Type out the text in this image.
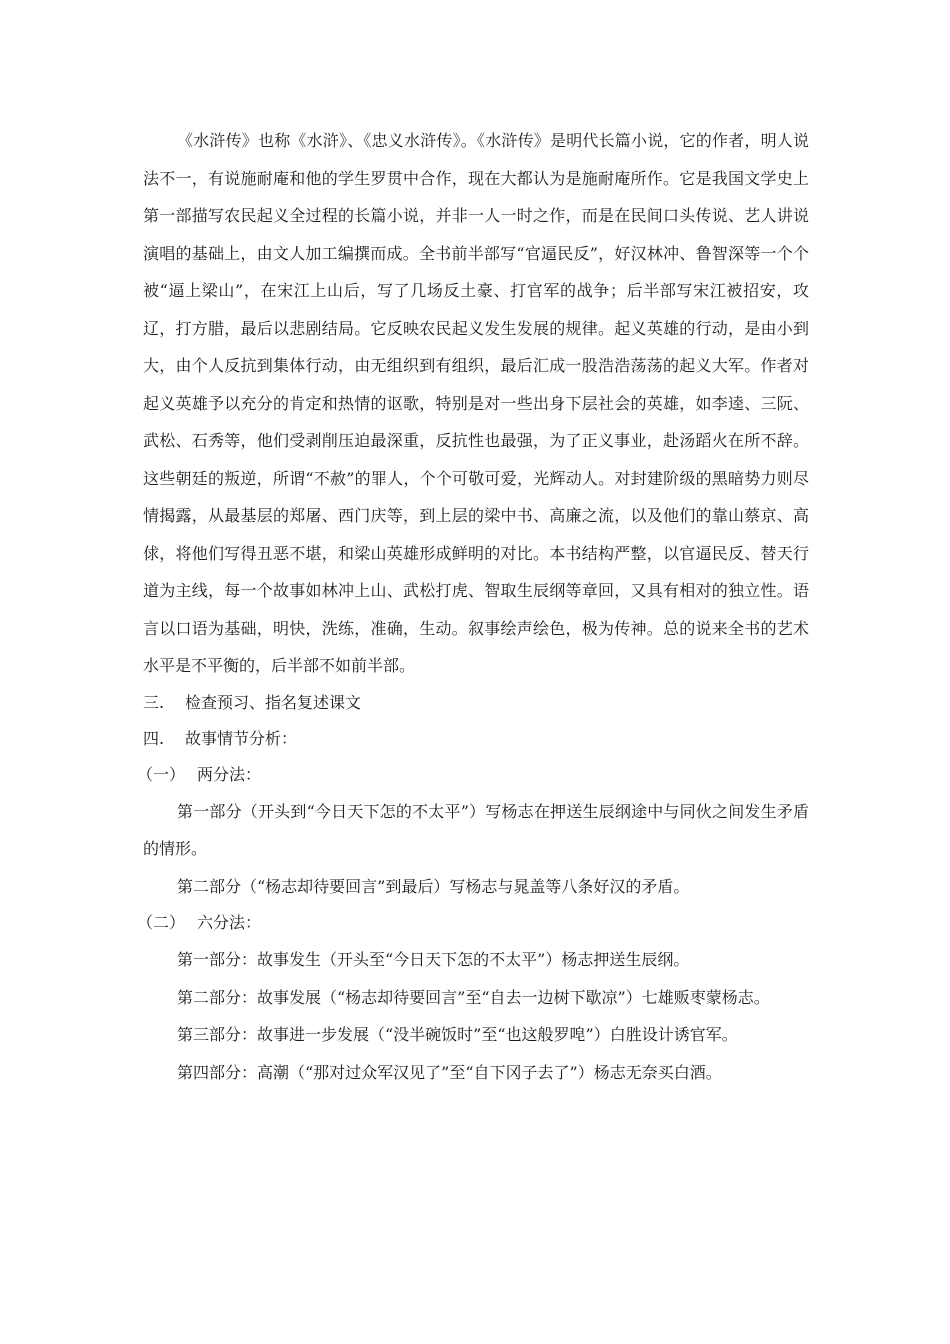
《水浒传》也称《水浒》、《忠义水浒传》。《水浒传》是明代长篇小说，它的作者，明人说法不一，有说施耐庵和他的学生罗贯中合作，现在大都认为是施耐庵所作。它是我国文学史上第一部描写农民起义全过程的长篇小说，并非一人一时之作，而是在民间口头传说、艺人讲说演唱的基础上，由文人加工编撰而成。全书前半部写“官逼民反”，好汉林冲、鲁智深等一个个被“逼上梁山”，在宋江上山后，写了几场反土豪、打官军的战争；后半部写宋江被招安，攻辽，打方腊，最后以悲剧结局。它反映农民起义发生发展的规律。起义英雄的行动，是由小到大，由个人反抗到集体行动，由无组织到有组织，最后汇成一股浩浩荡荡的起义大军。作者对起义英雄予以充分的肯定和热情的讴歌，特别是对一些出身下层社会的英雄，如李逵、三阮、武松、石秀等，他们受剥削压迫最深重，反抗性也最强，为了正义事业，赴汤蹈火在所不辞。这些朝廷的叛逆，所谓“不赦”的罪人，个个可敬可爱，光辉动人。对封建阶级的黑暗势力则尽情揭露，从最基层的郑屠、西门庆等，到上层的梁中书、高廉之流，以及他们的靠山蔡京、高俅，将他们写得丑恶不堪，和梁山英雄形成鲜明的对比。本书结构严整，以官逼民反、替天行道为主线，每一个故事如林冲上山、武松打虎、智取生辰纲等章回，又具有相对的独立性。语言以口语为基础，明快，洗练，准确，生动。叙事绘声绘色，极为传神。总的说来全书的艺术水平是不平衡的，后半部不如前半部。

三. 检查预习、指名复述课文

四. 故事情节分析：

（一） 两分法：

第一部分（开头到“今日天下怎的不太平”）写杨志在押送生辰纲途中与同伙之间发生矛盾的情形。

第二部分（“杨志却待要回言”到最后）写杨志与晁盖等八条好汉的矛盾。

（二） 六分法：

第一部分：故事发生（开头至“今日天下怎的不太平”）杨志押送生辰纲。

第二部分：故事发展（“杨志却待要回言”至“自去一边树下歇凉”）七雄贩枣蒙杨志。

第三部分：故事进一步发展（“没半碗饭时”至“也这般罗唣”）白胜设计诱官军。

第四部分：高潮（“那对过众军汉见了”至“自下冈子去了”）杨志无奈买白酒。
